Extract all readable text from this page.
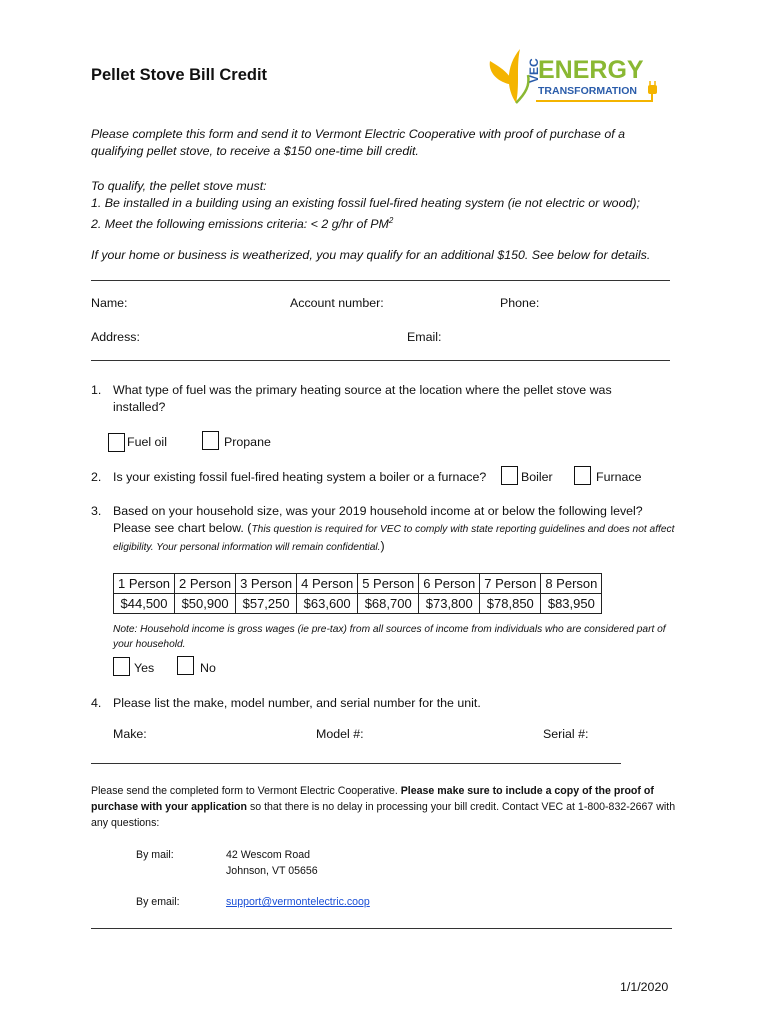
Pellet Stove Bill Credit	VEC
ENERGY
TRANSFORMATION
Please complete this form and send it to Vermont Electric Cooperative with proof of purchase of a qualifying pellet stove, to receive a $150 one-time bill credit.
To qualify, the pellet stove must:
1. Be installed in a building using an existing fossil fuel-fired heating system (ie not electric or wood);
2. Meet the following emissions criteria: < 2 g/hr of $PM^2$
If your home or business is weatherized, you may qualify for an additional $150. See below for details.
Name:	Account number:	Phone:
Address:	Email:
1. What type of fuel was the primary heating source at the location where the pellet stove was installed?
Fuel oil	Propane
2. Is your existing fossil fuel-fired heating system a boiler or a furnace?	Boiler	Furnace
3. Based on your household size, was your 2019 household income at or below the following level? Please see chart below. (This question is required for VEC to comply with state reporting guidelines and does not affect eligibility. Your personal information will remain confidential.)
1 Person	2 Person	3 Person	4 Person	5 Person	6 Person	7 Person	8 Person
$44,500	$50,900	$57,250	$63,600	$68,700	$73,800	$78,850	$83,950
Note: Household income is gross wages (ie pre-tax) from all sources of income from individuals who are considered part of your household.
Yes	No
4. Please list the make, model number, and serial number for the unit.
Make:	Model #:	Serial #:
Please send the completed form to Vermont Electric Cooperative. Please make sure to include a copy of the proof of purchase with your application so that there is no delay in processing your bill credit. Contact VEC at 1-800-832-2667 with any questions:
By mail:	42 Wescom Road
Johnson, VT 05656
By email:	support@vermontelectric.coop
1/1/2020
